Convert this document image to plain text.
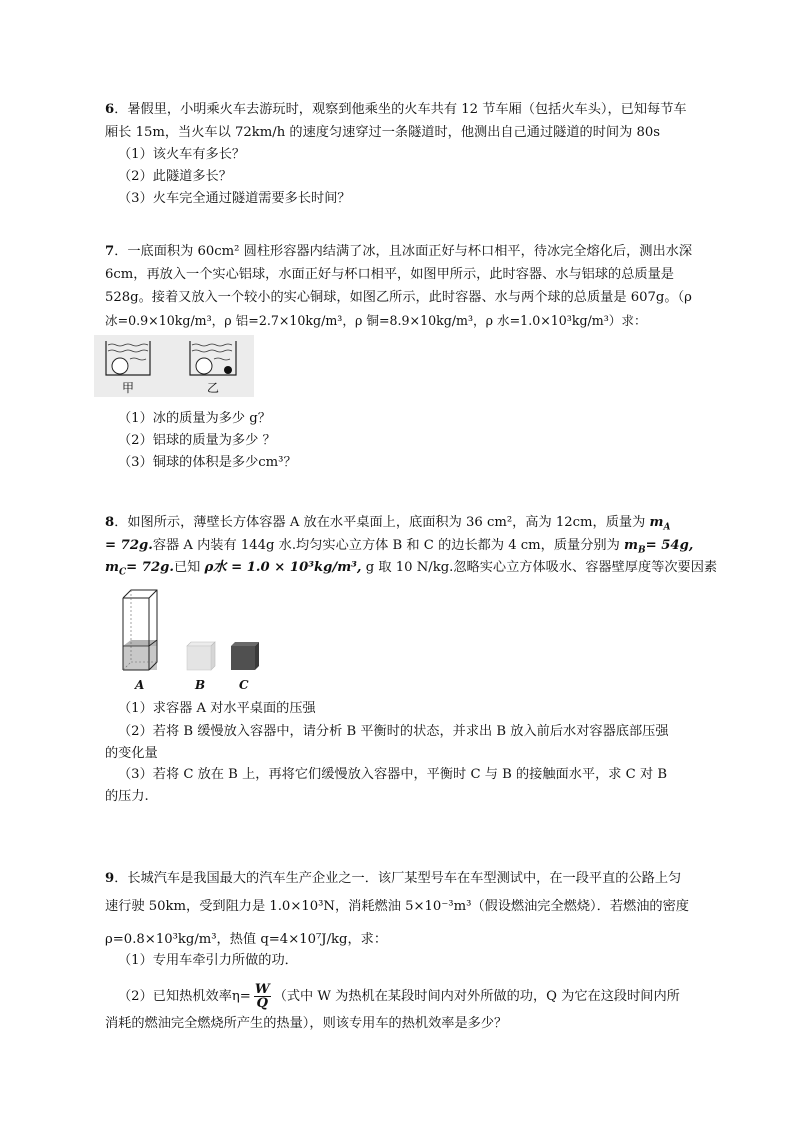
6．暑假里，小明乘火车去游玩时，观察到他乘坐的火车共有 12 节车厢（包括火车头），已知每节车
厢长 15m，当火车以 72km/h 的速度匀速穿过一条隧道时，他测出自己通过隧道的时间为 80s
（1）该火车有多长？
（2）此隧道多长？
（3）火车完全通过隧道需要多长时间？
7．一底面积为 60cm² 圆柱形容器内结满了冰，且冰面正好与杯口相平，待冰完全熔化后，测出水深
6cm，再放入一个实心铝球，水面正好与杯口相平，如图甲所示，此时容器、水与铝球的总质量是
528g。接着又放入一个较小的实心铜球，如图乙所示，此时容器、水与两个球的总质量是 607g。（ρ
冰=0.9×10kg/m³，ρ 铝=2.7×10kg/m³，ρ 铜=8.9×10kg/m³，ρ 水=1.0×10³kg/m³）求：
甲	乙
（1）冰的质量为多少 g？
（2）铝球的质量为多少 ？
（3）铜球的体积是多少cm³？
8．如图所示，薄壁长方体容器 A 放在水平桌面上，底面积为 36 cm²，高为 12cm，质量为 $m_A$
= 72g.容器 A 内装有 144g 水.均匀实心立方体 B 和 C 的边长都为 4 cm，质量分别为 $m_B= 54g$,
$m_C= 72g$.已知 ρ水 = 1.0 × 10³kg/m³, g 取 10 N/kg.忽略实心立方体吸水、容器壁厚度等次要因素
A	B	C
（1）求容器 A 对水平桌面的压强
（2）若将 B 缓慢放入容器中，请分析 B 平衡时的状态，并求出 B 放入前后水对容器底部压强
的变化量
（3）若将 C 放在 B 上，再将它们缓慢放入容器中，平衡时 C 与 B 的接触面水平，求 C 对 B
的压力.
9．长城汽车是我国最大的汽车生产企业之一．该厂某型号车在车型测试中，在一段平直的公路上匀
速行驶 50km，受到阻力是 1.0×10³N，消耗燃油 5×10⁻³m³（假设燃油完全燃烧）．若燃油的密度
ρ=0.8×10³kg/m³，热值 q=4×10⁷J/kg，求：
（1）专用车牵引力所做的功．
（2）已知热机效率$\eta= \frac{W}{Q}$ （式中 W 为热机在某段时间内对外所做的功，Q 为它在这段时间内所
消耗的燃油完全燃烧所产生的热量），则该专用车的热机效率是多少？
